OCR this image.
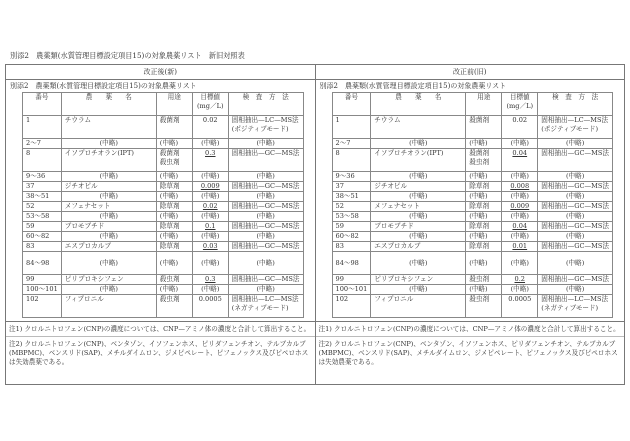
別添2　農薬類(水質管理目標設定項目15)の対象農薬リスト　新旧対照表
改正後(新)
別添2　農薬類(水質管理目標設定項目15)の対象農薬リスト
番号	農　　薬　　名	用途	目標値
(mg／L)	検　査　方　法
1	チウラム	殺菌剤	0.02	固相抽出—LC—MS法
(ポジティブモード)

2～7	(中略)	(中略)	(中略)	(中略)

8	イソプロチオラン(IPT)	殺菌剤
殺虫剤	0.3	固相抽出—GC—MS法

9～36	(中略)	(中略)	(中略)	(中略)

37	ジチオピル	除草剤	0.009	固相抽出—GC—MS法

38～51	(中略)	(中略)	(中略)	(中略)

52	メフェナセット	除草剤	0.02	固相抽出—GC—MS法

53～58	(中略)	(中略)	(中略)	(中略)

59	ブロモブチド	除草剤	0.1	固相抽出—GC—MS法

60～82	(中略)	(中略)	(中略)	(中略)

83	エスプロカルブ	除草剤	0.03	固相抽出—GC—MS法

84～98	(中略)	(中略)	(中略)	(中略)

99	ピリプロキシフェン	殺虫剤	0.3	固相抽出—GC—MS法

100～101	(中略)	(中略)	(中略)	(中略)

102	フィプロニル	殺虫剤	0.0005	固相抽出—LC—MS法
(ネガティブモード)
注1) クロルニトロフェン(CNP)の濃度については、CNP—アミノ体の濃度と合計して算出すること。
注2) クロルニトロフェン(CNP)、ベンタゾン、イソフェンホス、ピリダフェンチオン、テルブカルブ(MBPMC)、ベンスリド(SAP)、メチルダイムロン、ジメピペレート、ピフェノックス及びピペロホスは失効農薬である。
改正前(旧)
別添2　農薬類(水質管理目標設定項目15)の対象農薬リスト
番号	農　　薬　　名	用途	目標値
(mg／L)	検　査　方　法
1	チウラム	殺菌剤	0.02	固相抽出—LC—MS法
(ポジティブモード)

2～7	(中略)	(中略)	(中略)	(中略)

8	イソプロチオラン(IPT)	殺菌剤
殺虫剤	0.04	固相抽出—GC—MS法

9～36	(中略)	(中略)	(中略)	(中略)

37	ジチオピル	除草剤	0.008	固相抽出—GC—MS法

38～51	(中略)	(中略)	(中略)	(中略)

52	メフェナセット	除草剤	0.009	固相抽出—GC—MS法

53～58	(中略)	(中略)	(中略)	(中略)

59	ブロモブチド	除草剤	0.04	固相抽出—GC—MS法

60～82	(中略)	(中略)	(中略)	(中略)

83	エスプロカルブ	除草剤	0.01	固相抽出—GC—MS法

84～98	(中略)	(中略)	(中略)	(中略)

99	ピリプロキシフェン	殺虫剤	0.2	固相抽出—GC—MS法

100～101	(中略)	(中略)	(中略)	(中略)

102	フィプロニル	殺虫剤	0.0005	固相抽出—LC—MS法
(ネガティブモード)
注1) クロルニトロフェン(CNP)の濃度については、CNP—アミノ体の濃度と合計して算出すること。
注2) クロルニトロフェン(CNP)、ベンタゾン、イソフェンホス、ピリダフェンチオン、テルブカルブ(MBPMC)、ベンスリド(SAP)、メチルダイムロン、ジメピペレート、ピフェノックス及びピペロホスは失効農薬である。
